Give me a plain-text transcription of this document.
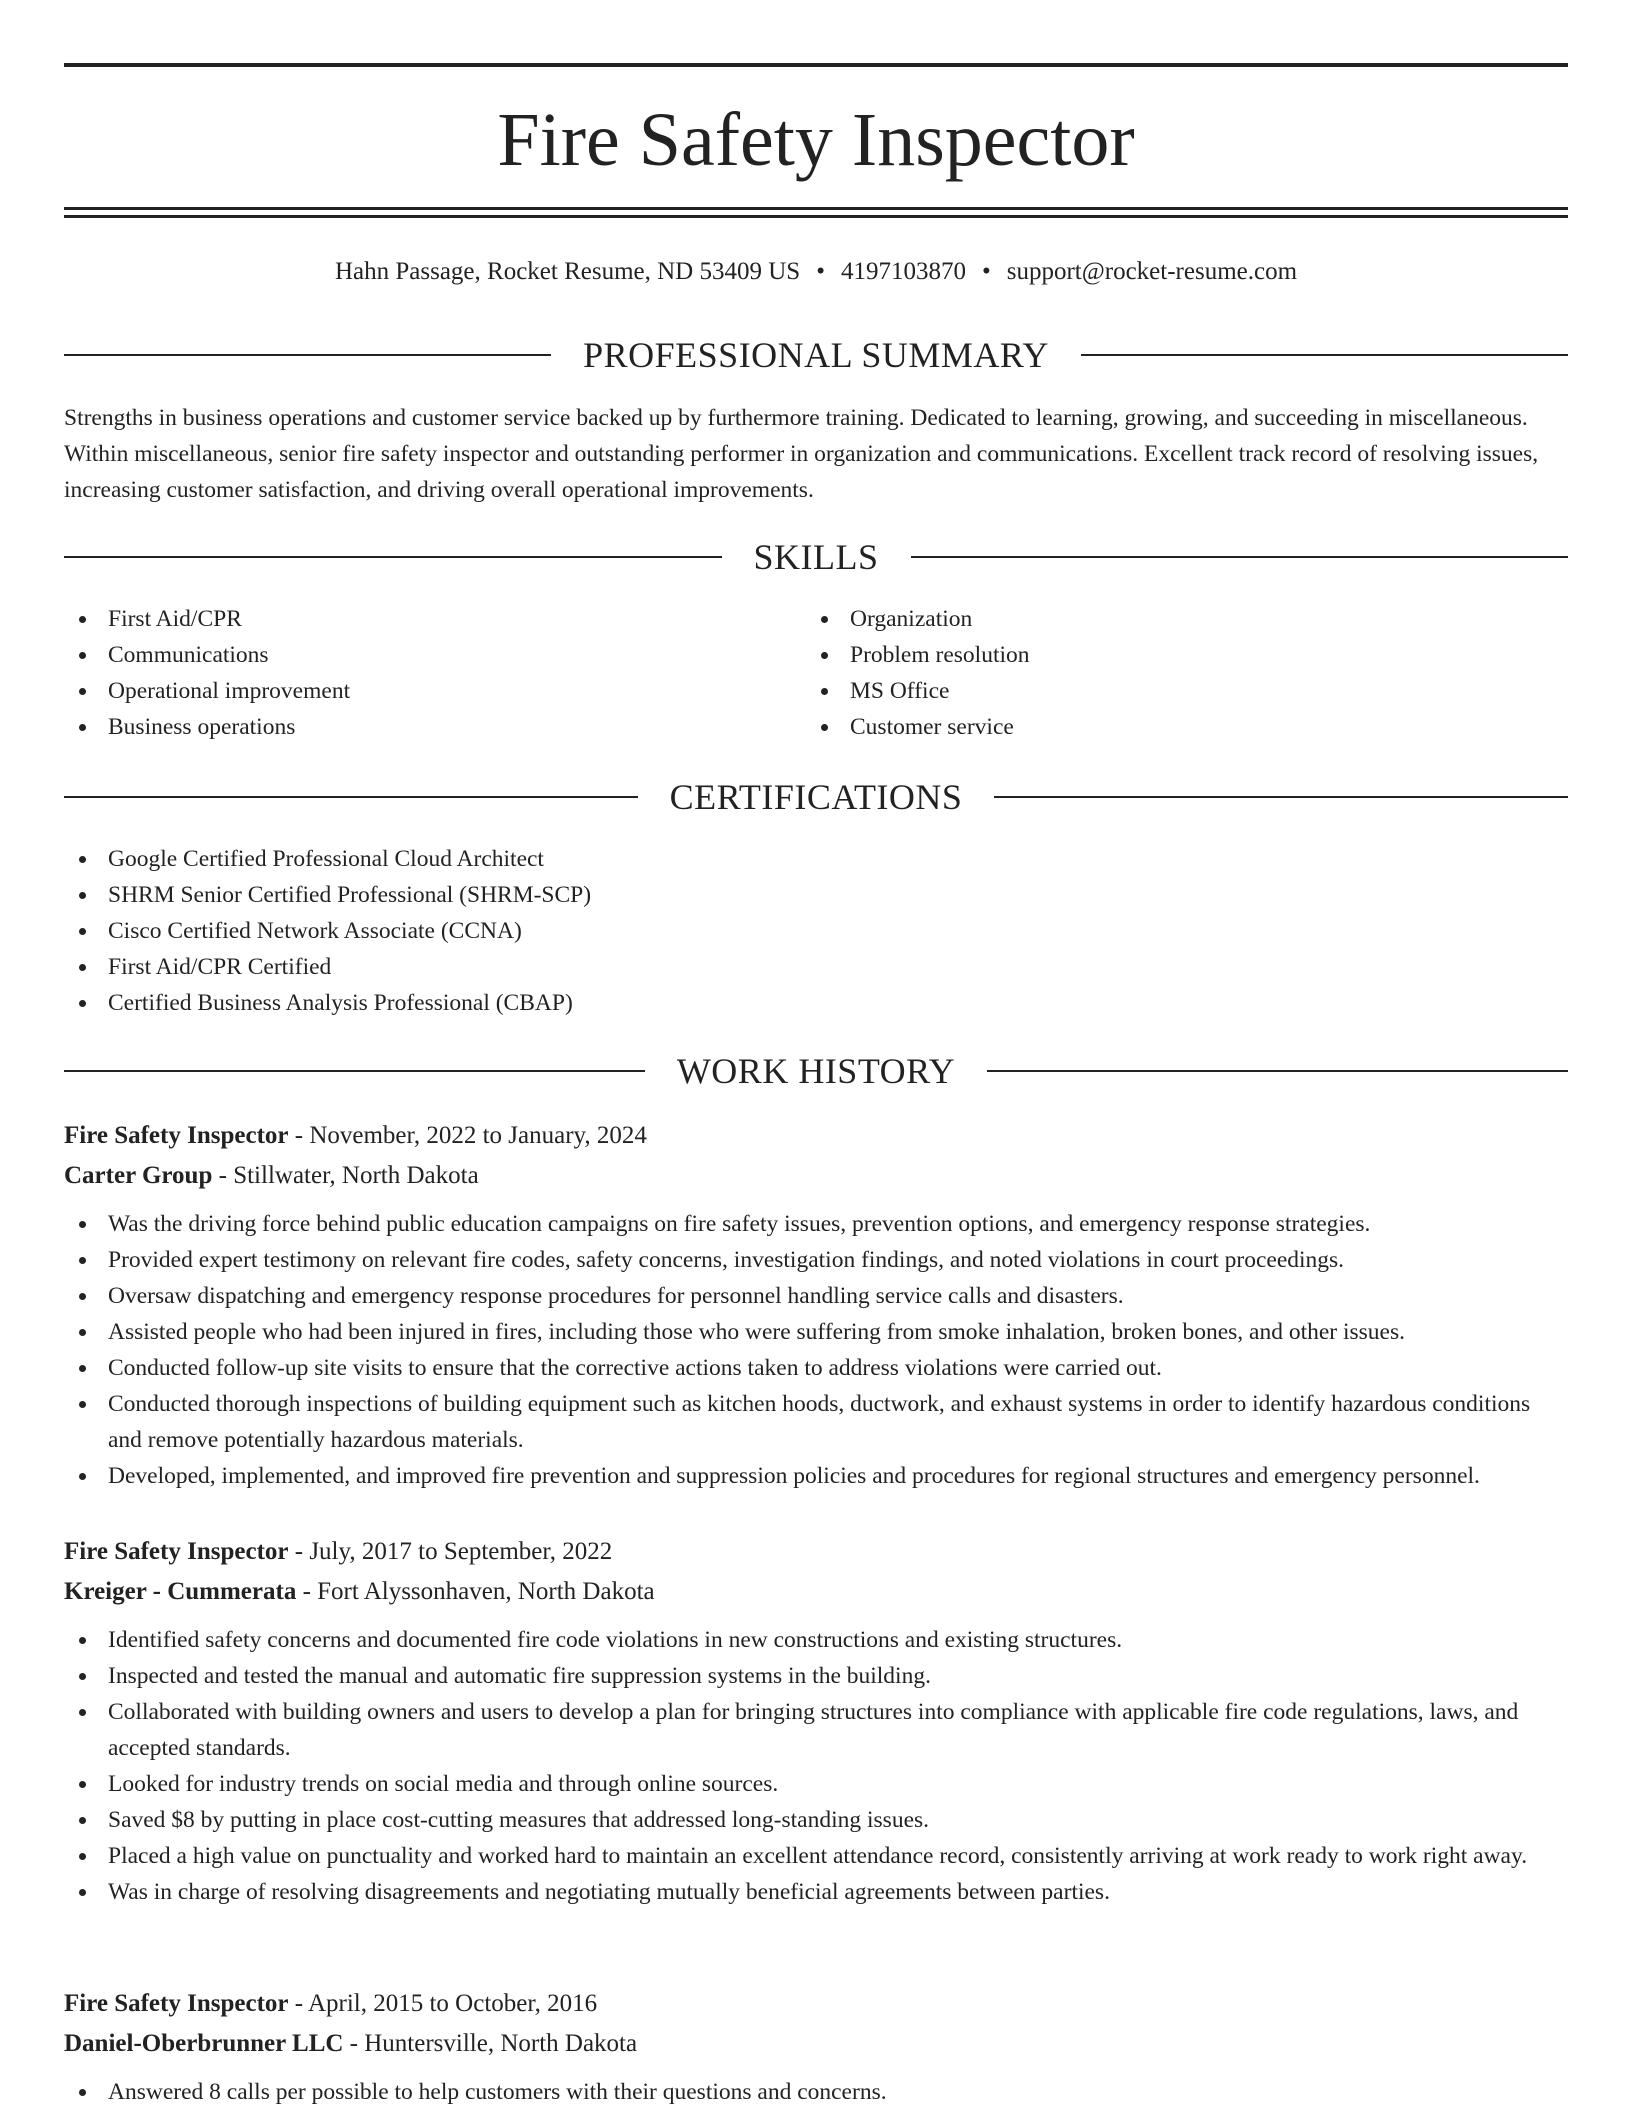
Fire Safety Inspector
Hahn Passage, Rocket Resume, ND 53409 US • 4197103870 • support@rocket-resume.com
PROFESSIONAL SUMMARY

Strengths in business operations and customer service backed up by furthermore training. Dedicated to learning, growing, and succeeding in miscellaneous. Within miscellaneous, senior fire safety inspector and outstanding performer in organization and communications. Excellent track record of resolving issues, increasing customer satisfaction, and driving overall operational improvements.

SKILLS
First Aid/CPR
Communications
Operational improvement
Business operations
Organization
Problem resolution
MS Office
Customer service
CERTIFICATIONS
Google Certified Professional Cloud Architect
SHRM Senior Certified Professional (SHRM-SCP)
Cisco Certified Network Associate (CCNA)
First Aid/CPR Certified
Certified Business Analysis Professional (CBAP)
WORK HISTORY
Fire Safety Inspector - November, 2022 to January, 2024
Carter Group - Stillwater, North Dakota
Was the driving force behind public education campaigns on fire safety issues, prevention options, and emergency response strategies.
Provided expert testimony on relevant fire codes, safety concerns, investigation findings, and noted violations in court proceedings.
Oversaw dispatching and emergency response procedures for personnel handling service calls and disasters.
Assisted people who had been injured in fires, including those who were suffering from smoke inhalation, broken bones, and other issues.
Conducted follow-up site visits to ensure that the corrective actions taken to address violations were carried out.
Conducted thorough inspections of building equipment such as kitchen hoods, ductwork, and exhaust systems in order to identify hazardous conditions and remove potentially hazardous materials.
Developed, implemented, and improved fire prevention and suppression policies and procedures for regional structures and emergency personnel.
Fire Safety Inspector - July, 2017 to September, 2022
Kreiger - Cummerata - Fort Alyssonhaven, North Dakota
Identified safety concerns and documented fire code violations in new constructions and existing structures.
Inspected and tested the manual and automatic fire suppression systems in the building.
Collaborated with building owners and users to develop a plan for bringing structures into compliance with applicable fire code regulations, laws, and accepted standards.
Looked for industry trends on social media and through online sources.
Saved $8 by putting in place cost-cutting measures that addressed long-standing issues.
Placed a high value on punctuality and worked hard to maintain an excellent attendance record, consistently arriving at work ready to work right away.
Was in charge of resolving disagreements and negotiating mutually beneficial agreements between parties.
Fire Safety Inspector - April, 2015 to October, 2016
Daniel-Oberbrunner LLC - Huntersville, North Dakota
Answered 8 calls per possible to help customers with their questions and concerns.
